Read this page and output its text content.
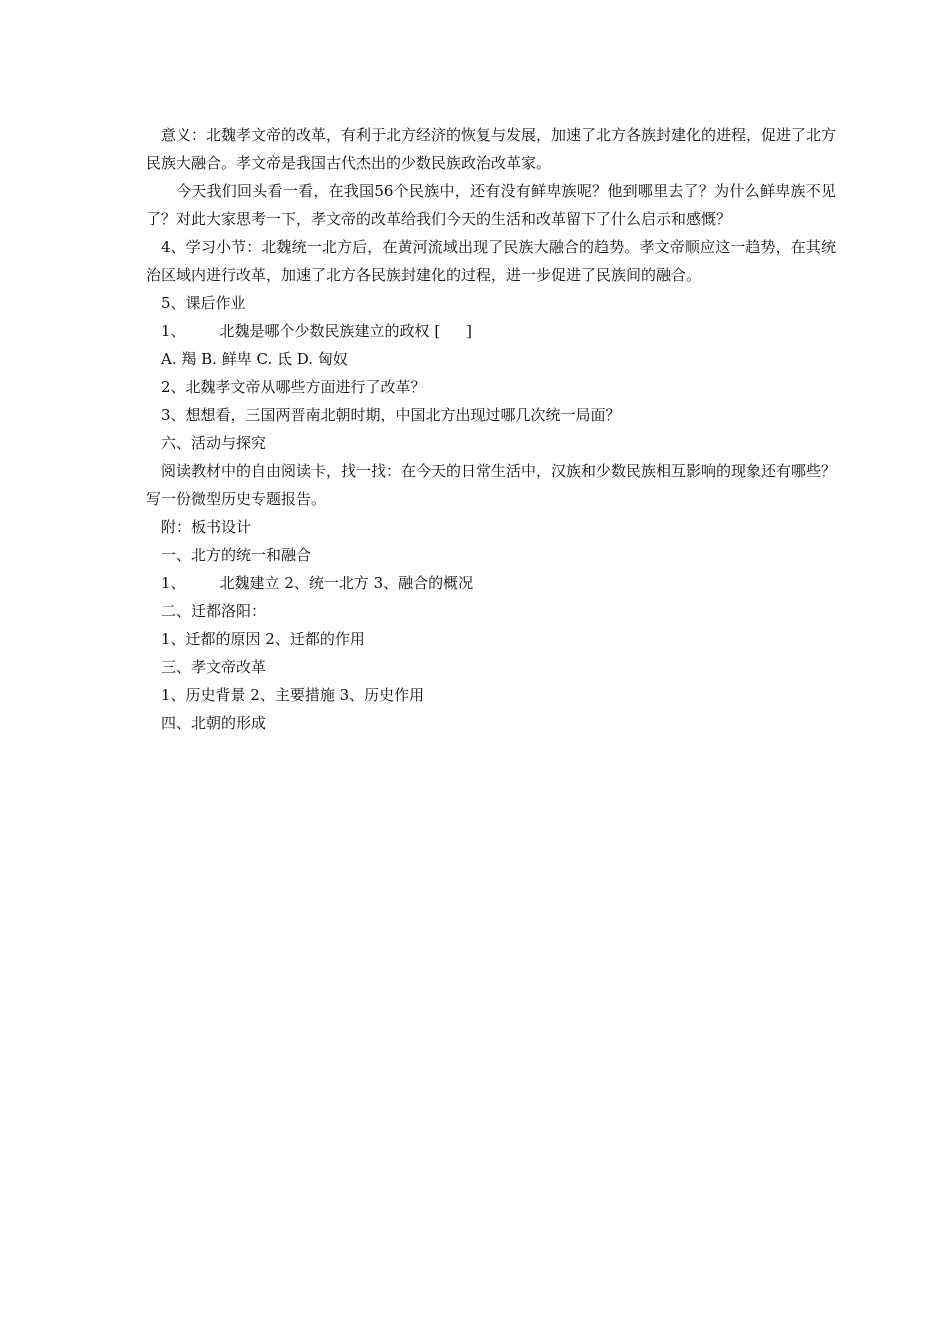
意义：北魏孝文帝的改革，有利于北方经济的恢复与发展，加速了北方各族封建化的进程，促进了北方民族大融合。孝文帝是我国古代杰出的少数民族政治改革家。

今天我们回头看一看，在我国56个民族中，还有没有鲜卑族呢？他到哪里去了？为什么鲜卑族不见了？对此大家思考一下，孝文帝的改革给我们今天的生活和改革留下了什么启示和感慨？

4、学习小节：北魏统一北方后，在黄河流域出现了民族大融合的趋势。孝文帝顺应这一趋势，在其统治区域内进行改革，加速了北方各民族封建化的过程，进一步促进了民族间的融合。

5、课后作业

1、 北魏是哪个少数民族建立的政权 [ ]

A. 羯 B. 鲜卑 C. 氐 D. 匈奴

2、北魏孝文帝从哪些方面进行了改革？

3、想想看，三国两晋南北朝时期，中国北方出现过哪几次统一局面？

六、活动与探究

阅读教材中的自由阅读卡，找一找：在今天的日常生活中，汉族和少数民族相互影响的现象还有哪些？写一份微型历史专题报告。

附：板书设计

一、北方的统一和融合

1、 北魏建立 2、统一北方 3、融合的概况

二、迁都洛阳：

1、迁都的原因 2、迁都的作用

三、孝文帝改革

1、历史背景 2、主要措施 3、历史作用

四、北朝的形成
